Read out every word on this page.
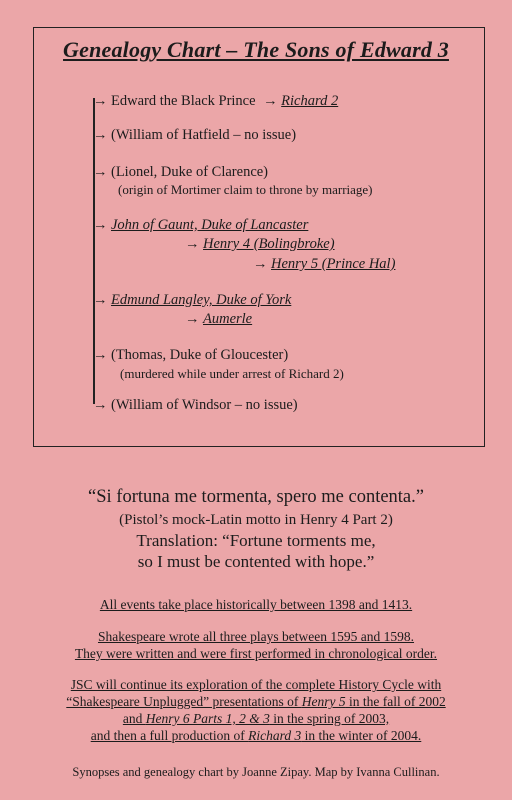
Genealogy Chart – The Sons of Edward 3
→ Edward the Black Prince → Richard 2
→ (William of Hatfield – no issue)
→ (Lionel, Duke of Clarence)
(origin of Mortimer claim to throne by marriage)
→ John of Gaunt, Duke of Lancaster
→ Henry 4 (Bolingbroke)
→ Henry 5 (Prince Hal)
→ Edmund Langley, Duke of York
→ Aumerle
→ (Thomas, Duke of Gloucester)
(murdered while under arrest of Richard 2)
→ (William of Windsor – no issue)
“Si fortuna me tormenta, spero me contenta.”
(Pistol’s mock-Latin motto in Henry 4 Part 2)
Translation: “Fortune torments me,
so I must be contented with hope.”
All events take place historically between 1398 and 1413.
Shakespeare wrote all three plays between 1595 and 1598.
They were written and were first performed in chronological order.
JSC will continue its exploration of the complete History Cycle with
“Shakespeare Unplugged” presentations of Henry 5 in the fall of 2002
and Henry 6 Parts 1, 2 & 3 in the spring of 2003,
and then a full production of Richard 3 in the winter of 2004.
Synopses and genealogy chart by Joanne Zipay. Map by Ivanna Cullinan.
